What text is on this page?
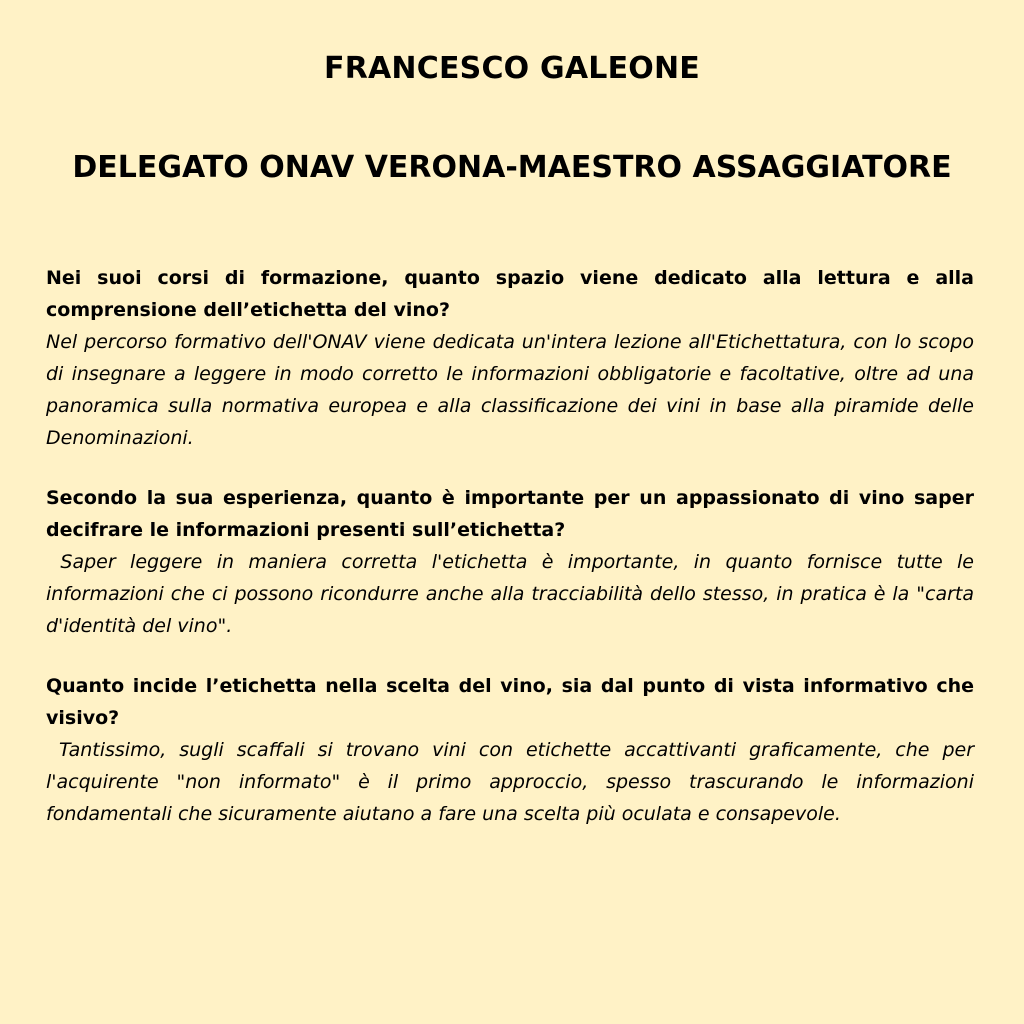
FRANCESCO GALEONE
DELEGATO ONAV VERONA-MAESTRO ASSAGGIATORE

Nei suoi corsi di formazione, quanto spazio viene dedicato alla lettura e alla comprensione dell’etichetta del vino?

Nel percorso formativo dell'ONAV viene dedicata un'intera lezione all'Etichettatura, con lo scopo di insegnare a leggere in modo corretto le informazioni obbligatorie e facoltative, oltre ad una panoramica sulla normativa europea e alla classificazione dei vini in base alla piramide delle Denominazioni.

Secondo la sua esperienza, quanto è importante per un appassionato di vino saper decifrare le informazioni presenti sull’etichetta?

Saper leggere in maniera corretta l'etichetta è importante, in quanto fornisce tutte le informazioni che ci possono ricondurre anche alla tracciabilità dello stesso, in pratica è la "carta d'identità del vino".

Quanto incide l’etichetta nella scelta del vino, sia dal punto di vista informativo che visivo?

Tantissimo, sugli scaffali si trovano vini con etichette accattivanti graficamente, che per l'acquirente "non informato" è il primo approccio, spesso trascurando le informazioni fondamentali che sicuramente aiutano a fare una scelta più oculata e consapevole.
